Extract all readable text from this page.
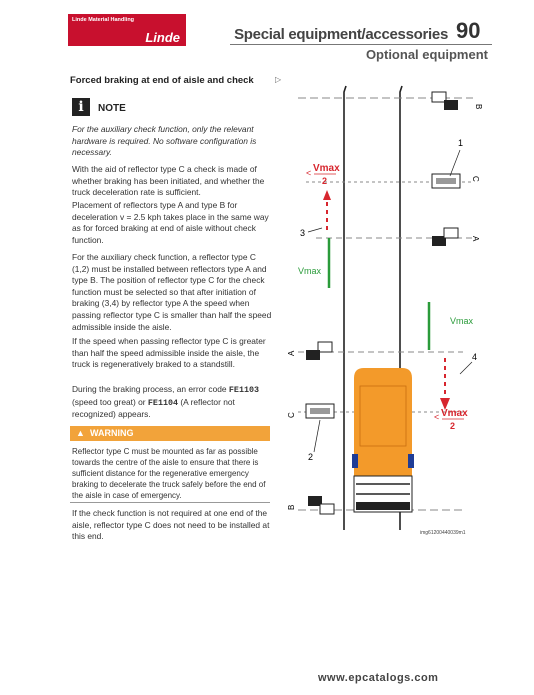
Linde Material Handling
Linde	Special equipment/accessories 90
Optional equipment
Forced braking at end of aisle and check	▷
i	NOTE

For the auxiliary check function, only the relevant hardware is required. No software configuration is necessary.

With the aid of reflector type C a check is made of whether braking has been initiated, and whether the truck deceleration rate is sufficient.

Placement of reflectors type A and type B for deceleration v = 2.5 kph takes place in the same way as for forced braking at end of aisle without check function.

For the auxiliary check function, a reflector type C (1,2) must be installed between reflectors type A and type B. The position of reflector type C for the check function must be selected so that after initiation of braking (3,4) by reflector type A the speed when passing reflector type C is smaller than half the speed admissible inside the aisle.

If the speed when passing reflector type C is greater than half the speed admissible inside the aisle, the truck is regeneratively braked to a standstill.

During the braking process, an error code FE1103 (speed too great) or FE1104 (A reflector not recognized) appears.

▲ WARNING

Reflector type C must be mounted as far as possible towards the centre of the aisle to ensure that there is sufficient distance for the regenerative emergency braking to decelerate the truck safely before the end of the aisle in case of emergency.

If the check function is not required at one end of the aisle, reflector type C does not need to be installed at this end.

B
C
A
A
C
B
1
3
4
2
< Vmax
2
Vmax
Vmax
< Vmax
2
img61200440039m1
www.epcatalogs.com
